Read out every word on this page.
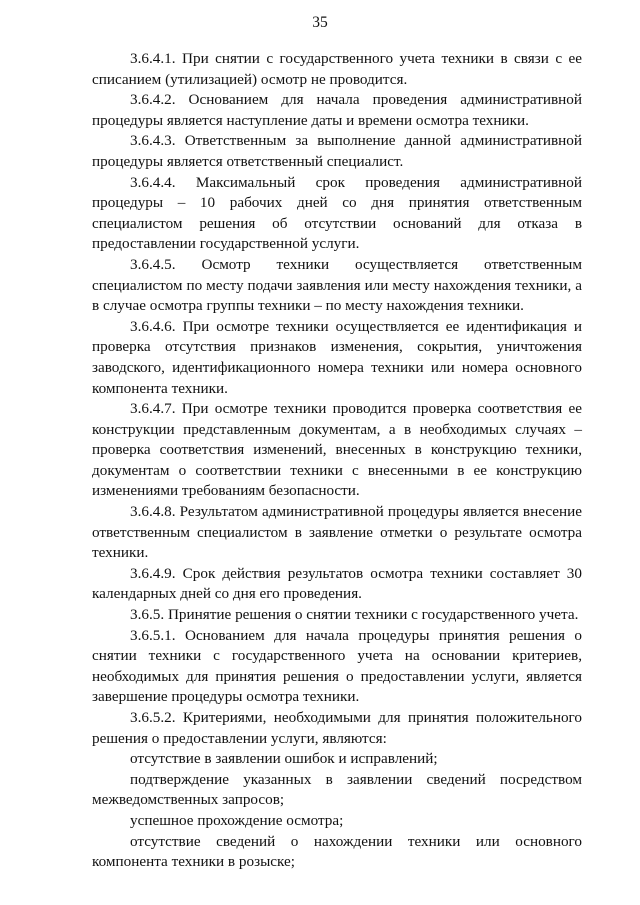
35

3.6.4.1. При снятии с государственного учета техники в связи с ее списанием (утилизацией) осмотр не проводится.

3.6.4.2. Основанием для начала проведения административной процедуры является наступление даты и времени осмотра техники.

3.6.4.3. Ответственным за выполнение данной административной процедуры является ответственный специалист.

3.6.4.4. Максимальный срок проведения административной процедуры – 10 рабочих дней со дня принятия ответственным специалистом решения об отсутствии оснований для отказа в предоставлении государственной услуги.

3.6.4.5. Осмотр техники осуществляется ответственным специалистом по месту подачи заявления или месту нахождения техники, а в случае осмотра группы техники – по месту нахождения техники.

3.6.4.6. При осмотре техники осуществляется ее идентификация и проверка отсутствия признаков изменения, сокрытия, уничтожения заводского, идентификационного номера техники или номера основного компонента техники.

3.6.4.7. При осмотре техники проводится проверка соответствия ее конструкции представленным документам, а в необходимых случаях – проверка соответствия изменений, внесенных в конструкцию техники, документам о соответствии техники с внесенными в ее конструкцию изменениями требованиям безопасности.

3.6.4.8. Результатом административной процедуры является внесение ответственным специалистом в заявление отметки о результате осмотра техники.

3.6.4.9. Срок действия результатов осмотра техники составляет 30 календарных дней со дня его проведения.

3.6.5. Принятие решения о снятии техники с государственного учета.

3.6.5.1. Основанием для начала процедуры принятия решения о снятии техники с государственного учета на основании критериев, необходимых для принятия решения о предоставлении услуги, является завершение процедуры осмотра техники.

3.6.5.2. Критериями, необходимыми для принятия положительного решения о предоставлении услуги, являются:

отсутствие в заявлении ошибок и исправлений;

подтверждение указанных в заявлении сведений посредством межведомственных запросов;

успешное прохождение осмотра;

отсутствие сведений о нахождении техники или основного компонента техники в розыске;
